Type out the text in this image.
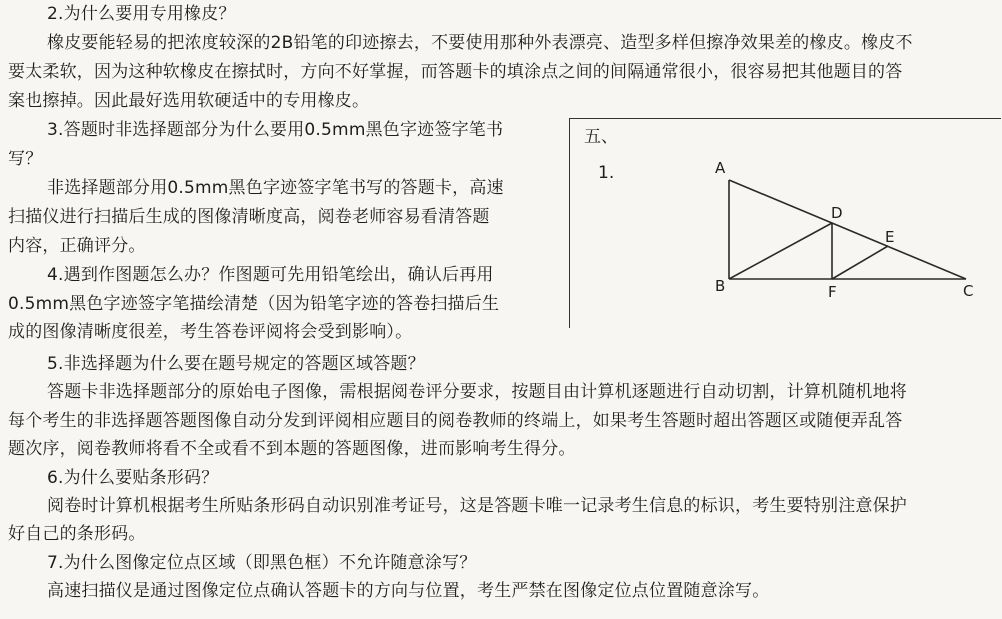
2.为什么要用专用橡皮？
橡皮要能轻易的把浓度较深的2B铅笔的印迹擦去，不要使用那种外表漂亮、造型多样但擦净效果差的橡皮。橡皮不
要太柔软，因为这种软橡皮在擦拭时，方向不好掌握，而答题卡的填涂点之间的间隔通常很小，很容易把其他题目的答
案也擦掉。因此最好选用软硬适中的专用橡皮。
3.答题时非选择题部分为什么要用0.5mm黑色字迹签字笔书
写？
非选择题部分用0.5mm黑色字迹签字笔书写的答题卡，高速
扫描仪进行扫描后生成的图像清晰度高，阅卷老师容易看清答题
内容，正确评分。
4.遇到作图题怎么办？作图题可先用铅笔绘出，确认后再用
0.5mm黑色字迹签字笔描绘清楚（因为铅笔字迹的答卷扫描后生
成的图像清晰度很差，考生答卷评阅将会受到影响）。
五、
1.	A
B	C
D
E
F
5.非选择题为什么要在题号规定的答题区域答题？
答题卡非选择题部分的原始电子图像，需根据阅卷评分要求，按题目由计算机逐题进行自动切割，计算机随机地将
每个考生的非选择题答题图像自动分发到评阅相应题目的阅卷教师的终端上，如果考生答题时超出答题区或随便弄乱答
题次序，阅卷教师将看不全或看不到本题的答题图像，进而影响考生得分。
6.为什么要贴条形码？
阅卷时计算机根据考生所贴条形码自动识别准考证号，这是答题卡唯一记录考生信息的标识，考生要特别注意保护
好自己的条形码。
7.为什么图像定位点区域（即黑色框）不允许随意涂写？
高速扫描仪是通过图像定位点确认答题卡的方向与位置，考生严禁在图像定位点位置随意涂写。
